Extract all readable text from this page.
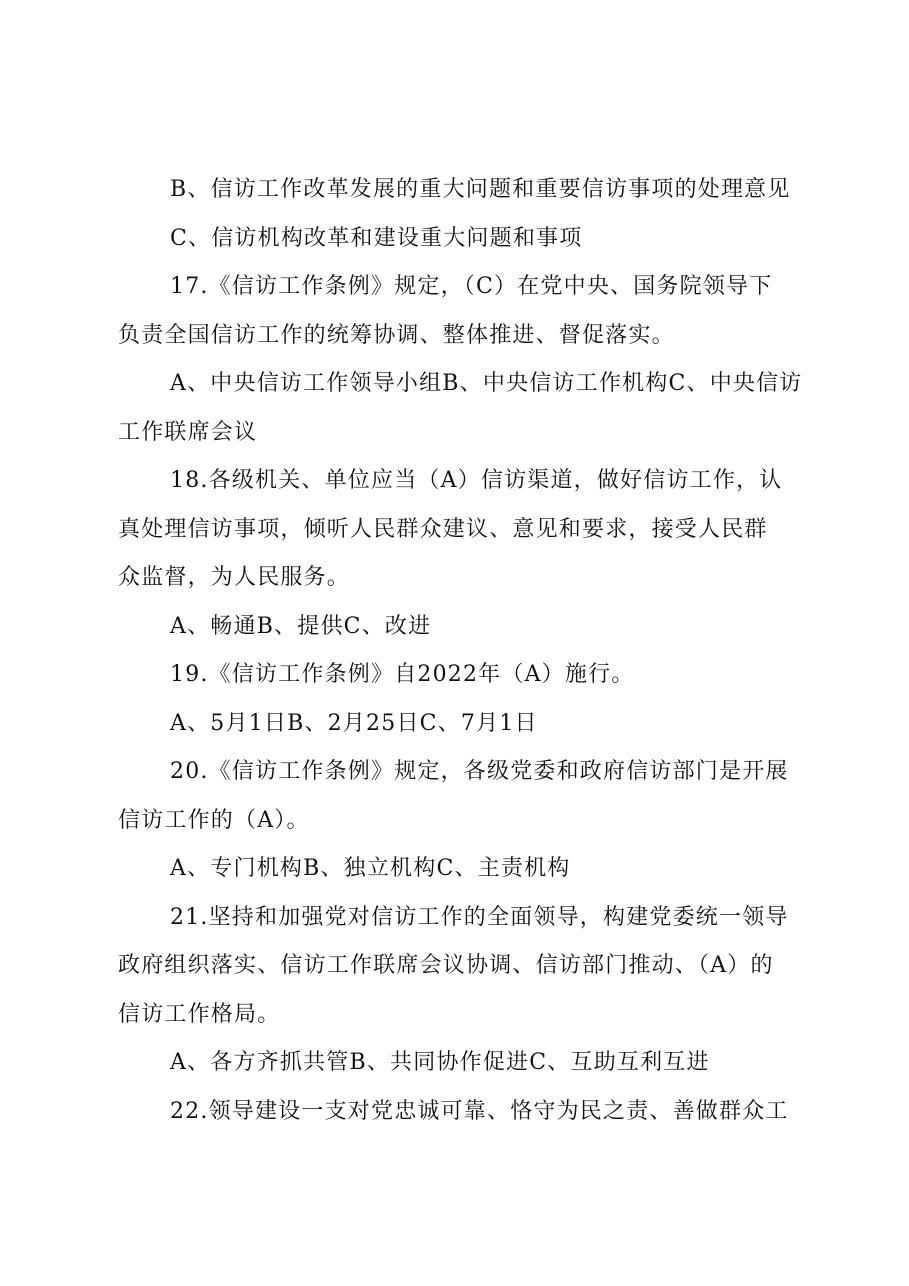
B、信访工作改革发展的重大问题和重要信访事项的处理意见
C、信访机构改革和建设重大问题和事项
17.《信访工作条例》规定，（C）在党中央、国务院领导下
负责全国信访工作的统筹协调、整体推进、督促落实。
A、中央信访工作领导小组B、中央信访工作机构C、中央信访
工作联席会议
18.各级机关、单位应当（A）信访渠道，做好信访工作，认
真处理信访事项，倾听人民群众建议、意见和要求，接受人民群
众监督，为人民服务。
A、畅通B、提供C、改进
19.《信访工作条例》自2022年（A）施行。
A、5月1日B、2月25日C、7月1日
20.《信访工作条例》规定，各级党委和政府信访部门是开展
信访工作的（A）。
A、专门机构B、独立机构C、主责机构
21.坚持和加强党对信访工作的全面领导，构建党委统一领导
政府组织落实、信访工作联席会议协调、信访部门推动、（A）的
信访工作格局。
A、各方齐抓共管B、共同协作促进C、互助互利互进
22.领导建设一支对党忠诚可靠、恪守为民之责、善做群众工
